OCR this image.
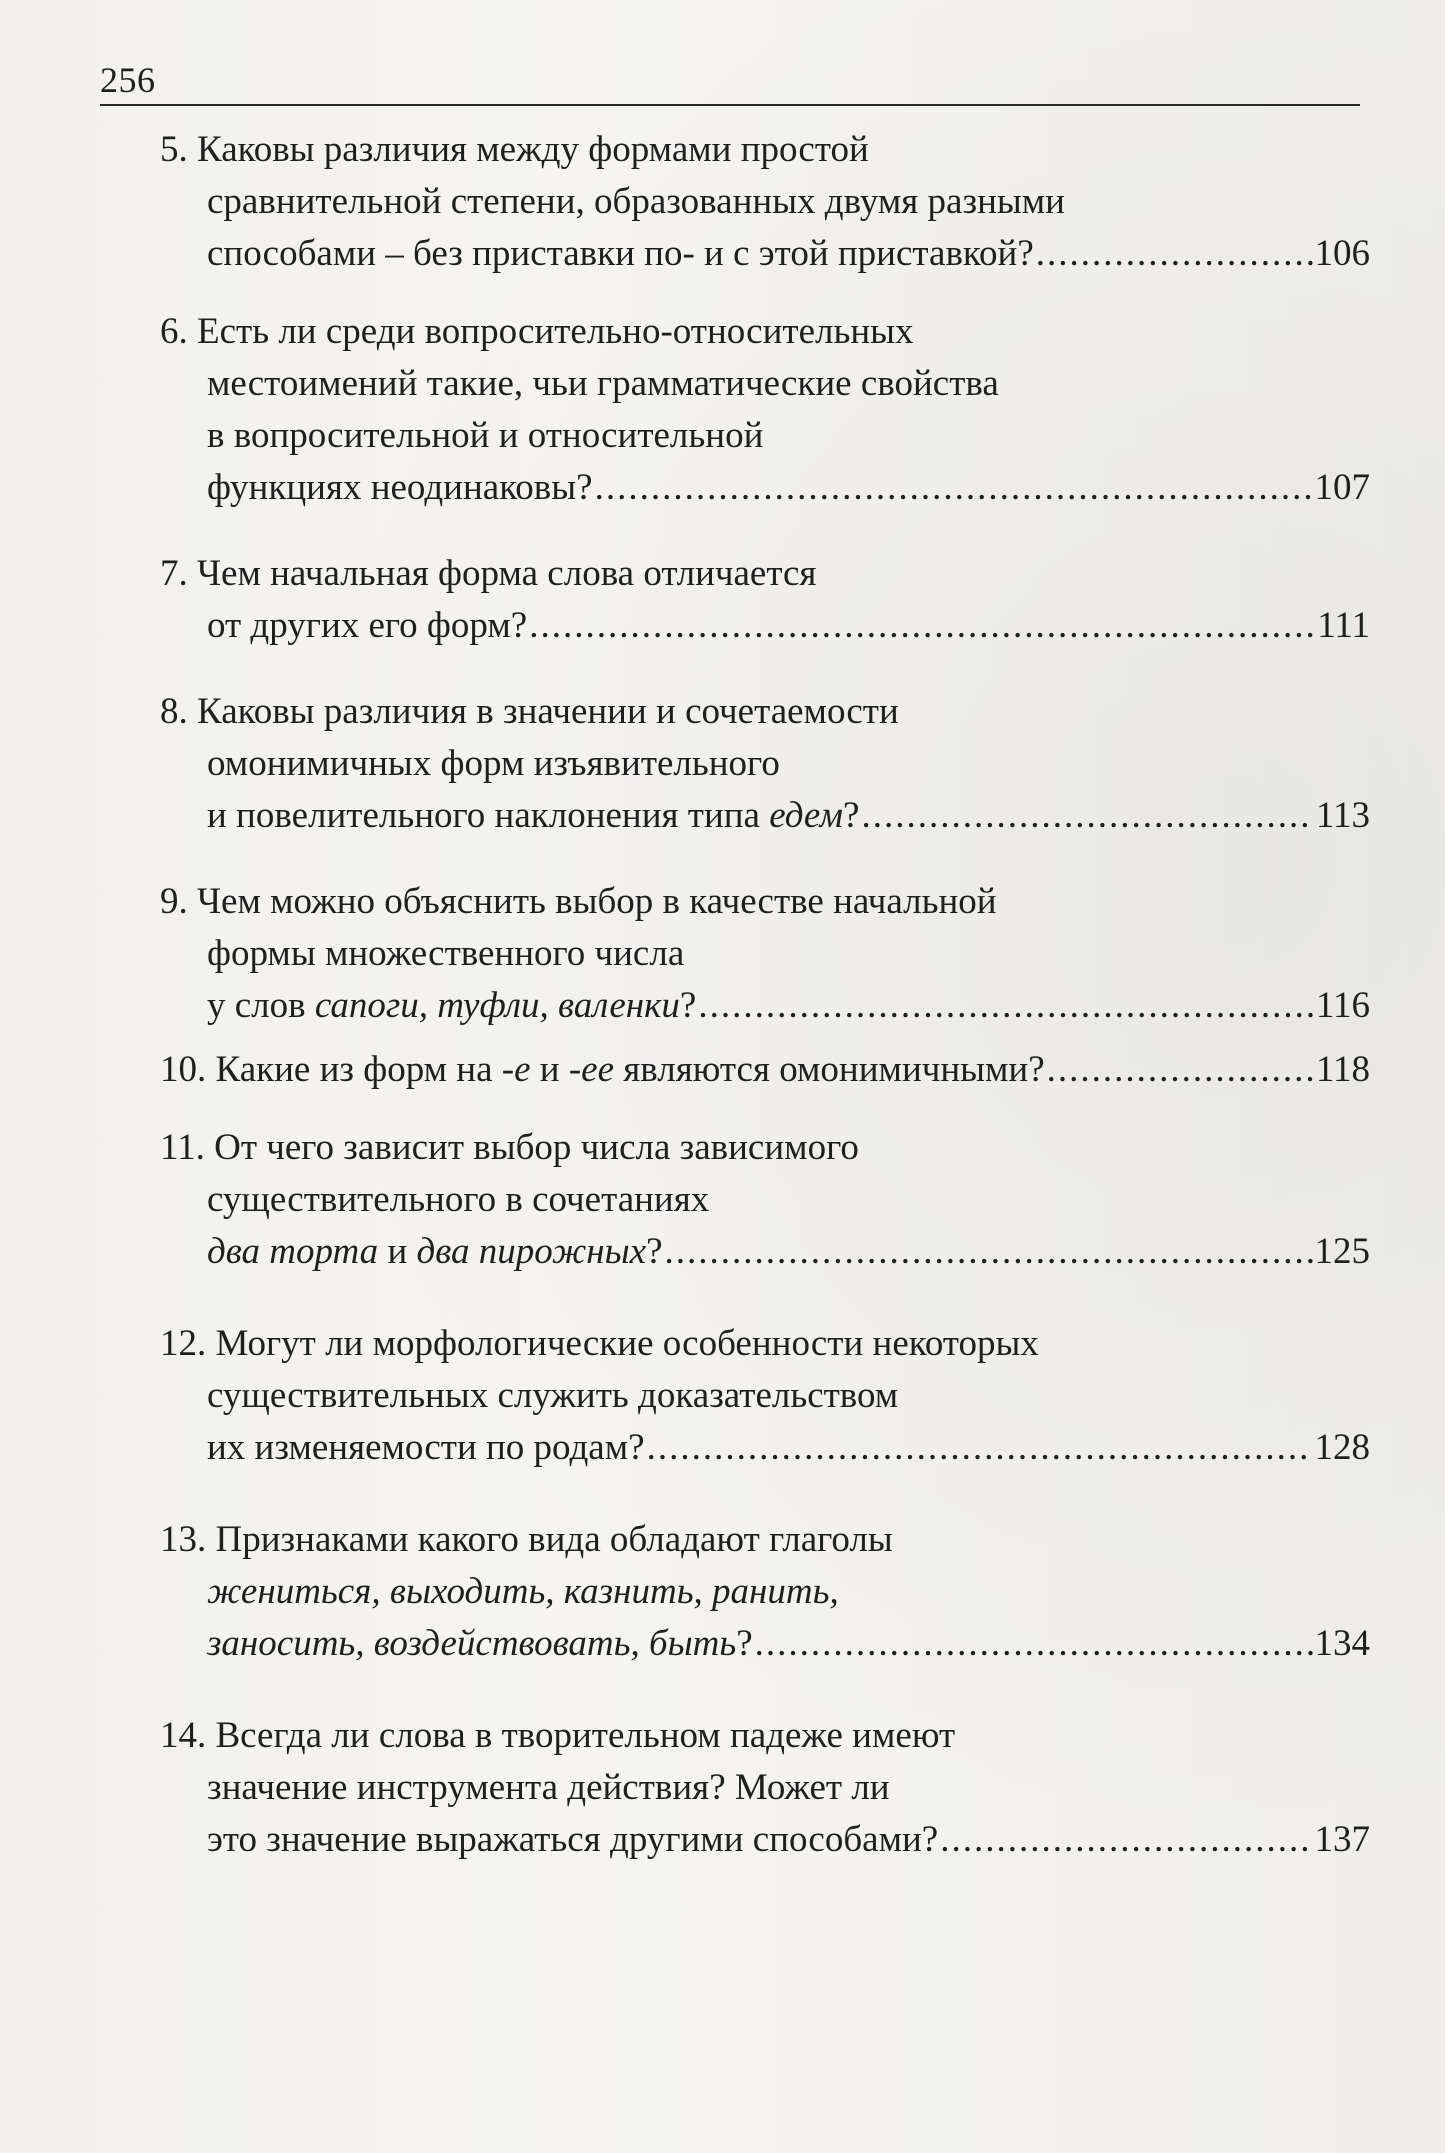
256
5. Каковы различия между формами простой
сравнительной степени, образованных двумя разными
способами – без приставки по- и с этой приставкой? .....	106
6. Есть ли среди вопросительно-относительных
местоимений такие, чьи грамматические свойства
в вопросительной и относительной
функциях неодинаковы? .....	107
7. Чем начальная форма слова отличается
от других его форм? .....	111
8. Каковы различия в значении и сочетаемости
омонимичных форм изъявительного
и повелительного наклонения типа едем? .....	113
9. Чем можно объяснить выбор в качестве начальной
формы множественного числа
у слов сапоги, туфли, валенки? .....	116
10. Какие из форм на -е и -ее являются омонимичными? .....	118
11. От чего зависит выбор числа зависимого
существительного в сочетаниях
два торта и два пирожных? .....	125
12. Могут ли морфологические особенности некоторых
существительных служить доказательством
их изменяемости по родам? .....	128
13. Признаками какого вида обладают глаголы
жениться, выходить, казнить, ранить,
заносить, воздействовать, быть? .....	134
14. Всегда ли слова в творительном падеже имеют
значение инструмента действия? Может ли
это значение выражаться другими способами? .....	137
